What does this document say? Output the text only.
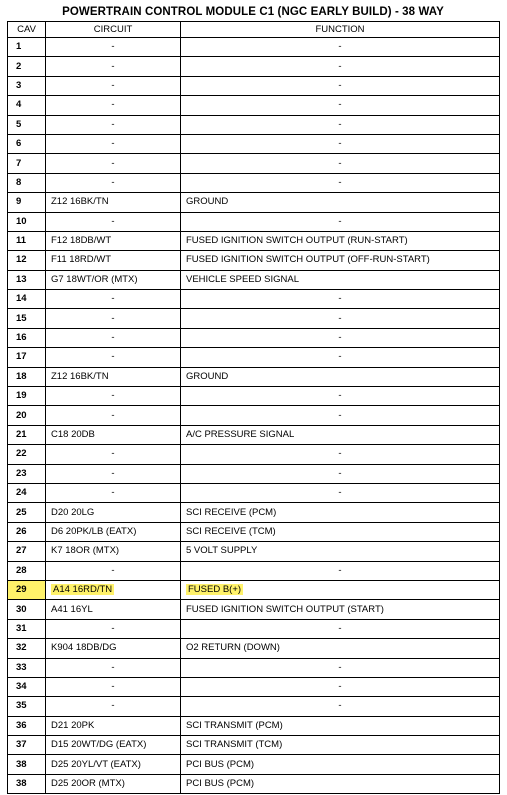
POWERTRAIN CONTROL MODULE C1 (NGC EARLY BUILD) - 38 WAY
CAV	CIRCUIT	FUNCTION
1	-	-
2	-	-
3	-	-
4	-	-
5	-	-
6	-	-
7	-	-
8	-	-
9	Z12 16BK/TN	GROUND
10	-	-
11	F12 18DB/WT	FUSED IGNITION SWITCH OUTPUT (RUN-START)
12	F11 18RD/WT	FUSED IGNITION SWITCH OUTPUT (OFF-RUN-START)
13	G7 18WT/OR (MTX)	VEHICLE SPEED SIGNAL
14	-	-
15	-	-
16	-	-
17	-	-
18	Z12 16BK/TN	GROUND
19	-	-
20	-	-
21	C18 20DB	A/C PRESSURE SIGNAL
22	-	-
23	-	-
24	-	-
25	D20 20LG	SCI RECEIVE (PCM)
26	D6 20PK/LB (EATX)	SCI RECEIVE (TCM)
27	K7 18OR (MTX)	5 VOLT SUPPLY
28	-	-
29	A14 16RD/TN	FUSED B(+)
30	A41 16YL	FUSED IGNITION SWITCH OUTPUT (START)
31	-	-
32	K904 18DB/DG	O2 RETURN (DOWN)
33	-	-
34	-	-
35	-	-
36	D21 20PK	SCI TRANSMIT (PCM)
37	D15 20WT/DG (EATX)	SCI TRANSMIT (TCM)
38	D25 20YL/VT (EATX)	PCI BUS (PCM)
38	D25 20OR (MTX)	PCI BUS (PCM)
